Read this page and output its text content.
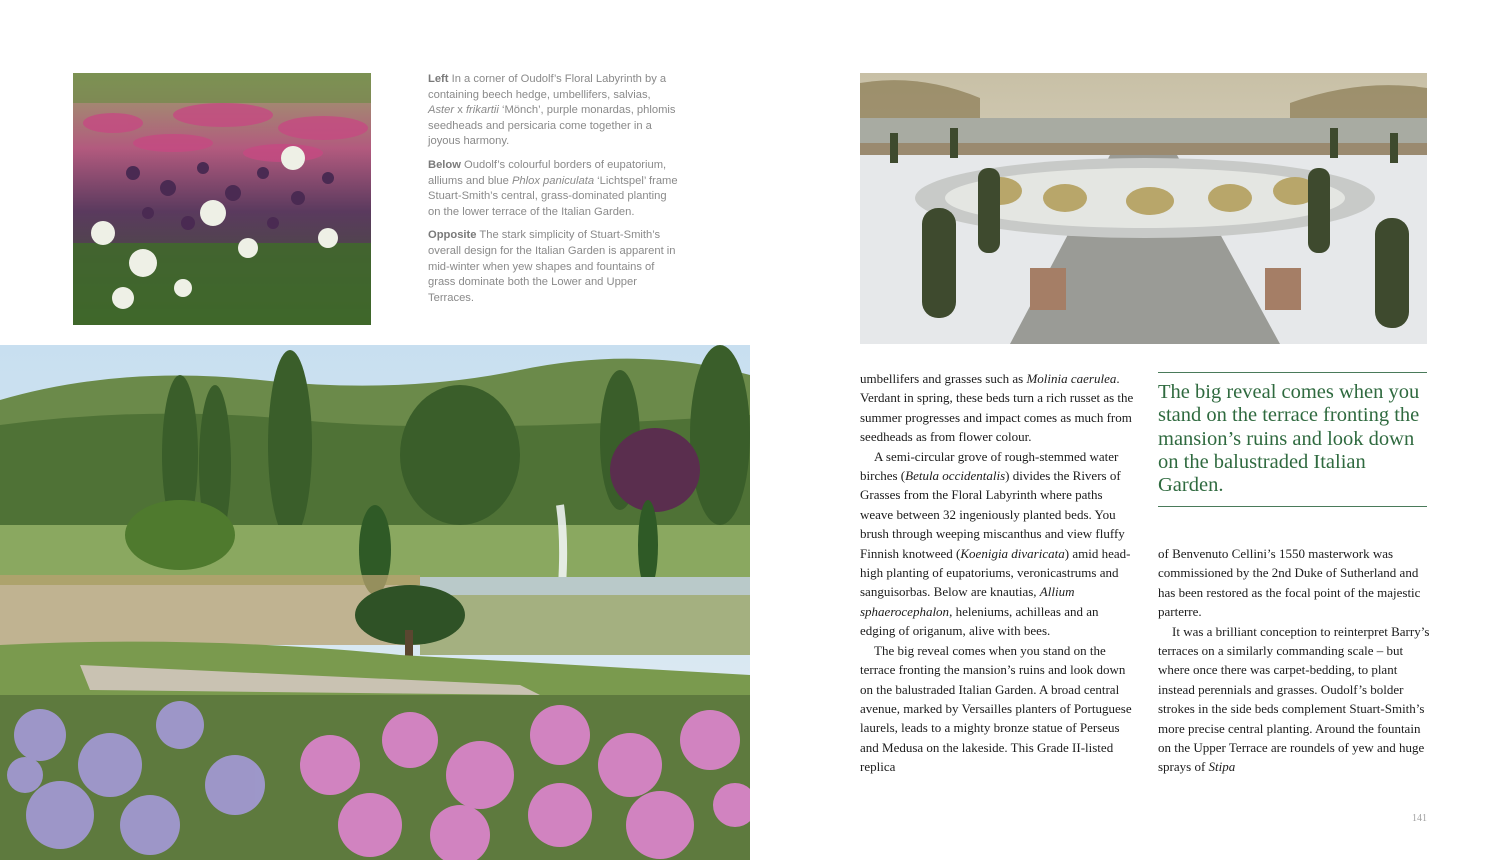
Left In a corner of Oudolf’s Floral Labyrinth by a containing beech hedge, umbellifers, salvias, Aster x frikartii ‘Mönch’, purple monardas, phlomis seedheads and persicaria come together in a joyous harmony.

Below Oudolf’s colourful borders of eupatorium, alliums and blue Phlox paniculata ‘Lichtspel’ frame Stuart-Smith’s central, grass-dominated planting on the lower terrace of the Italian Garden.

Opposite The stark simplicity of Stuart-Smith’s overall design for the Italian Garden is apparent in mid-winter when yew shapes and fountains of grass dominate both the Lower and Upper Terraces.

umbellifers and grasses such as Molinia caerulea. Verdant in spring, these beds turn a rich russet as the summer progresses and impact comes as much from seedheads as from flower colour.

A semi-circular grove of rough-stemmed water birches (Betula occidentalis) divides the Rivers of Grasses from the Floral Labyrinth where paths weave between 32 ingeniously planted beds. You brush through weeping miscanthus and view fluffy Finnish knotweed (Koenigia divaricata) amid head-high planting of eupatoriums, veronicastrums and sanguisorbas. Below are knautias, Allium sphaerocephalon, heleniums, achilleas and an edging of origanum, alive with bees.

The big reveal comes when you stand on the terrace fronting the mansion’s ruins and look down on the balustraded Italian Garden. A broad central avenue, marked by Versailles planters of Portuguese laurels, leads to a mighty bronze statue of Perseus and Medusa on the lakeside. This Grade II-listed replica

The big reveal comes when you stand on the terrace fronting the mansion’s ruins and look down on the balustraded Italian Garden.

of Benvenuto Cellini’s 1550 masterwork was commissioned by the 2nd Duke of Sutherland and has been restored as the focal point of the majestic parterre.

It was a brilliant conception to reinterpret Barry’s terraces on a similarly commanding scale – but where once there was carpet-bedding, to plant instead perennials and grasses. Oudolf’s bolder strokes in the side beds complement Stuart-Smith’s more precise central planting. Around the fountain on the Upper Terrace are roundels of yew and huge sprays of Stipa

141
